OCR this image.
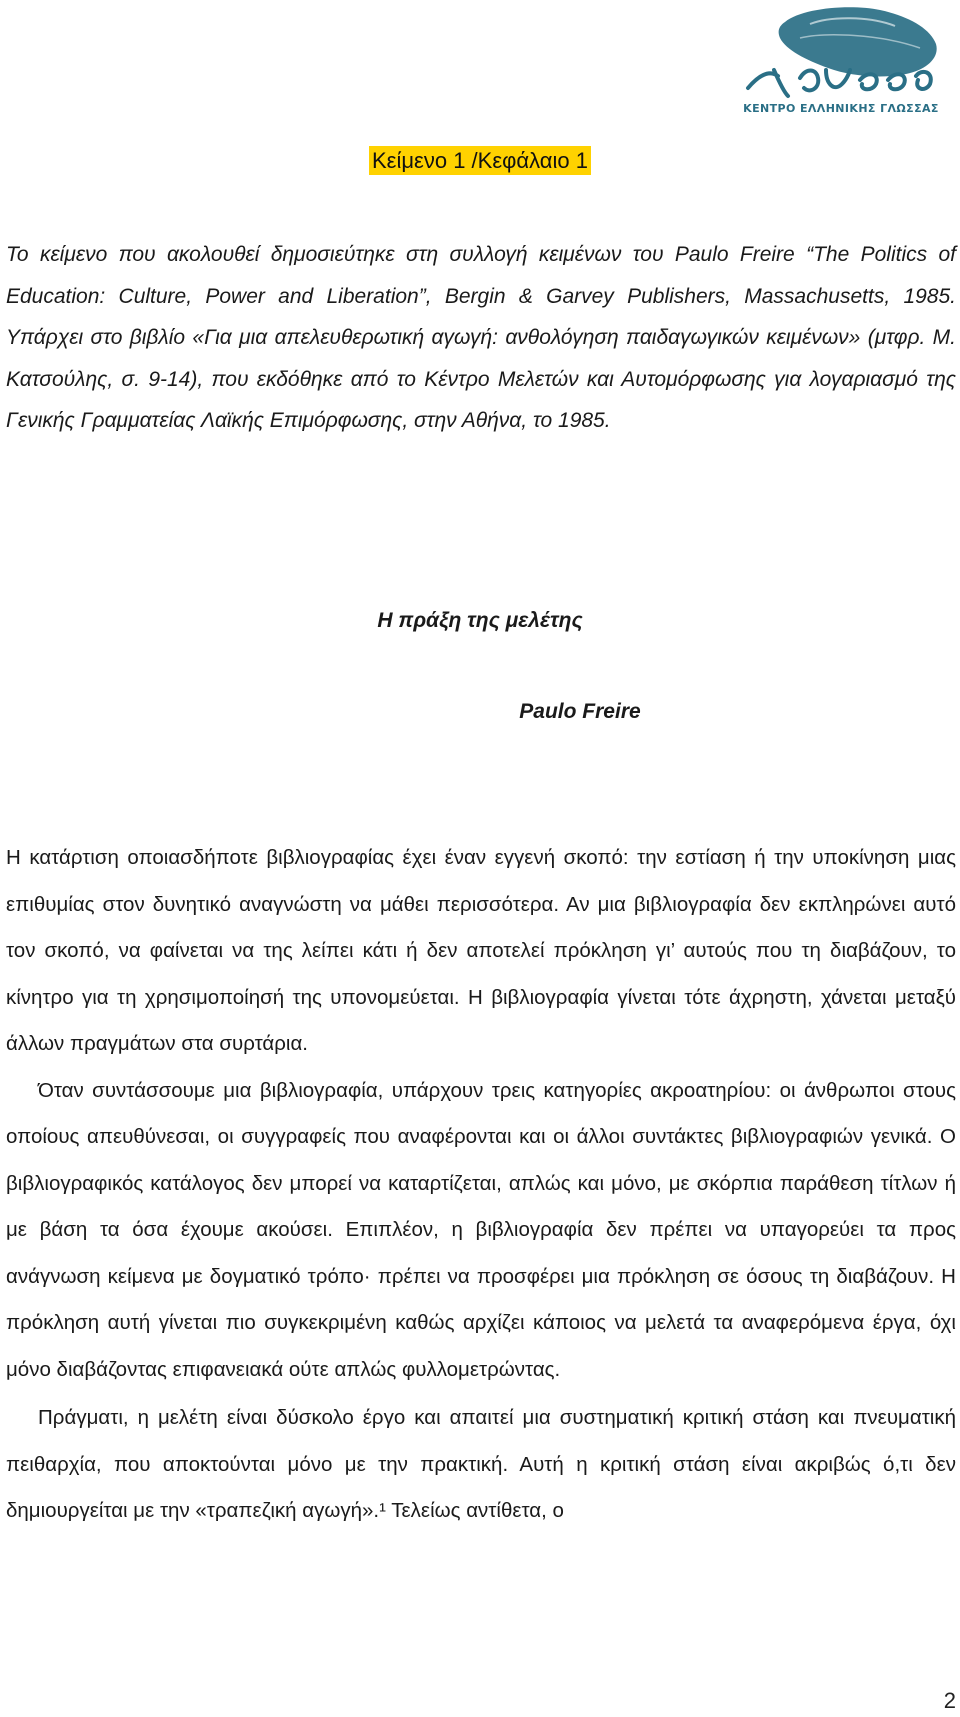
ΚΕΝΤΡΟ ΕΛΛΗΝΙΚΗΣ ΓΛΩΣΣΑΣ
Κείμενο 1 /Κεφάλαιο 1

Το κείμενο που ακολουθεί δημοσιεύτηκε στη συλλογή κειμένων του Paulo Freire “The Politics of Education: Culture, Power and Liberation”, Bergin & Garvey Publishers, Massachusetts, 1985. Υπάρχει στο βιβλίο «Για μια απελευθερωτική αγωγή: ανθολόγηση παιδαγωγικών κειμένων» (μτφρ. Μ. Κατσούλης, σ. 9-14), που εκδόθηκε από το Κέντρο Μελετών και Αυτομόρφωσης για λογαριασμό της Γενικής Γραμματείας Λαϊκής Επιμόρφωσης, στην Αθήνα, το 1985.

Η πράξη της μελέτης
Paulo Freire

Η κατάρτιση οποιασδήποτε βιβλιογραφίας έχει έναν εγγενή σκοπό: την εστίαση ή την υποκίνηση μιας επιθυμίας στον δυνητικό αναγνώστη να μάθει περισσότερα. Αν μια βιβλιογραφία δεν εκπληρώνει αυτό τον σκοπό, να φαίνεται να της λείπει κάτι ή δεν αποτελεί πρόκληση γι’ αυτούς που τη διαβάζουν, το κίνητρο για τη χρησιμοποίησή της υπονομεύεται. Η βιβλιογραφία γίνεται τότε άχρηστη, χάνεται μεταξύ άλλων πραγμάτων στα συρτάρια.

Όταν συντάσσουμε μια βιβλιογραφία, υπάρχουν τρεις κατηγορίες ακροατηρίου: οι άνθρωποι στους οποίους απευθύνεσαι, οι συγγραφείς που αναφέρονται και οι άλλοι συντάκτες βιβλιογραφιών γενικά. Ο βιβλιογραφικός κατάλογος δεν μπορεί να καταρτίζεται, απλώς και μόνο, με σκόρπια παράθεση τίτλων ή με βάση τα όσα έχουμε ακούσει. Επιπλέον, η βιβλιογραφία δεν πρέπει να υπαγορεύει τα προς ανάγνωση κείμενα με δογματικό τρόπο· πρέπει να προσφέρει μια πρόκληση σε όσους τη διαβάζουν. Η πρόκληση αυτή γίνεται πιο συγκεκριμένη καθώς αρχίζει κάποιος να μελετά τα αναφερόμενα έργα, όχι μόνο διαβάζοντας επιφανειακά ούτε απλώς φυλλομετρώντας.

Πράγματι, η μελέτη είναι δύσκολο έργο και απαιτεί μια συστηματική κριτική στάση και πνευματική πειθαρχία, που αποκτούνται μόνο με την πρακτική. Αυτή η κριτική στάση είναι ακριβώς ό,τι δεν δημιουργείται με την «τραπεζική αγωγή».¹ Τελείως αντίθετα, ο

2
